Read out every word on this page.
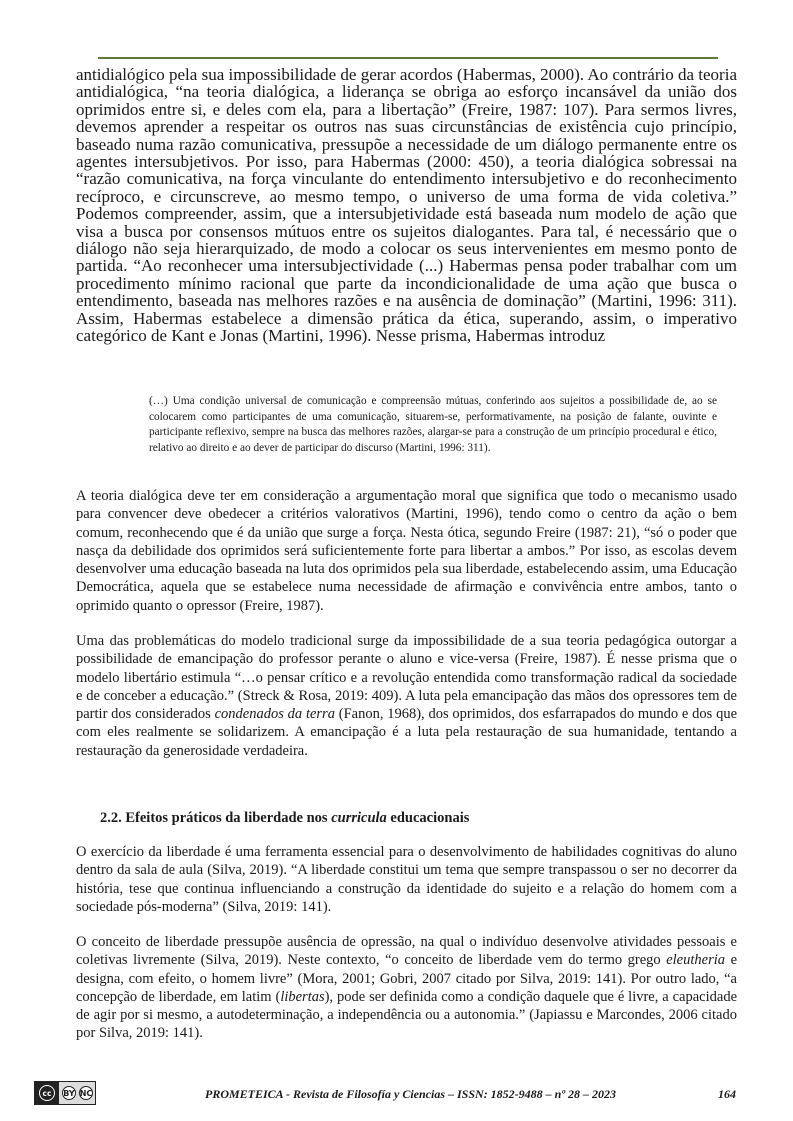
antidialógico pela sua impossibilidade de gerar acordos (Habermas, 2000). Ao contrário da teoria antidialógica, “na teoria dialógica, a liderança se obriga ao esforço incansável da união dos oprimidos entre si, e deles com ela, para a libertação” (Freire, 1987: 107). Para sermos livres, devemos aprender a respeitar os outros nas suas circunstâncias de existência cujo princípio, baseado numa razão comunicativa, pressupõe a necessidade de um diálogo permanente entre os agentes intersubjetivos. Por isso, para Habermas (2000: 450), a teoria dialógica sobressai na “razão comunicativa, na força vinculante do entendimento intersubjetivo e do reconhecimento recíproco, e circunscreve, ao mesmo tempo, o universo de uma forma de vida coletiva.” Podemos compreender, assim, que a intersubjetividade está baseada num modelo de ação que visa a busca por consensos mútuos entre os sujeitos dialogantes. Para tal, é necessário que o diálogo não seja hierarquizado, de modo a colocar os seus intervenientes em mesmo ponto de partida. “Ao reconhecer uma intersubjectividade (...) Habermas pensa poder trabalhar com um procedimento mínimo racional que parte da incondicionalidade de uma ação que busca o entendimento, baseada nas melhores razões e na ausência de dominação” (Martini, 1996: 311). Assim, Habermas estabelece a dimensão prática da ética, superando, assim, o imperativo categórico de Kant e Jonas (Martini, 1996). Nesse prisma, Habermas introduz

(…) Uma condição universal de comunicação e compreensão mútuas, conferindo aos sujeitos a possibilidade de, ao se colocarem como participantes de uma comunicação, situarem-se, performativamente, na posição de falante, ouvinte e participante reflexivo, sempre na busca das melhores razões, alargar-se para a construção de um princípio procedural e ético, relativo ao direito e ao dever de participar do discurso (Martini, 1996: 311).

A teoria dialógica deve ter em consideração a argumentação moral que significa que todo o mecanismo usado para convencer deve obedecer a critérios valorativos (Martini, 1996), tendo como o centro da ação o bem comum, reconhecendo que é da união que surge a força. Nesta ótica, segundo Freire (1987: 21), “só o poder que nasça da debilidade dos oprimidos será suficientemente forte para libertar a ambos.” Por isso, as escolas devem desenvolver uma educação baseada na luta dos oprimidos pela sua liberdade, estabelecendo assim, uma Educação Democrática, aquela que se estabelece numa necessidade de afirmação e convivência entre ambos, tanto o oprimido quanto o opressor (Freire, 1987).

Uma das problemáticas do modelo tradicional surge da impossibilidade de a sua teoria pedagógica outorgar a possibilidade de emancipação do professor perante o aluno e vice-versa (Freire, 1987). É nesse prisma que o modelo libertário estimula “…o pensar crítico e a revolução entendida como transformação radical da sociedade e de conceber a educação.” (Streck & Rosa, 2019: 409). A luta pela emancipação das mãos dos opressores tem de partir dos considerados condenados da terra (Fanon, 1968), dos oprimidos, dos esfarrapados do mundo e dos que com eles realmente se solidarizem. A emancipação é a luta pela restauração de sua humanidade, tentando a restauração da generosidade verdadeira.

2.2. Efeitos práticos da liberdade nos curricula educacionais

O exercício da liberdade é uma ferramenta essencial para o desenvolvimento de habilidades cognitivas do aluno dentro da sala de aula (Silva, 2019). “A liberdade constitui um tema que sempre transpassou o ser no decorrer da história, tese que continua influenciando a construção da identidade do sujeito e a relação do homem com a sociedade pós-moderna” (Silva, 2019: 141).

O conceito de liberdade pressupõe ausência de opressão, na qual o indivíduo desenvolve atividades pessoais e coletivas livremente (Silva, 2019). Neste contexto, “o conceito de liberdade vem do termo grego eleutheria e designa, com efeito, o homem livre” (Mora, 2001; Gobri, 2007 citado por Silva, 2019: 141). Por outro lado, “a concepção de liberdade, em latim (libertas), pode ser definida como a condição daquele que é livre, a capacidade de agir por si mesmo, a autodeterminação, a independência ou a autonomia.” (Japiassu e Marcondes, 2006 citado por Silva, 2019: 141).

cc	BY NC	PROMETEICA - Revista de Filosofía y Ciencias – ISSN: 1852-9488 – nº 28 – 2023	164
